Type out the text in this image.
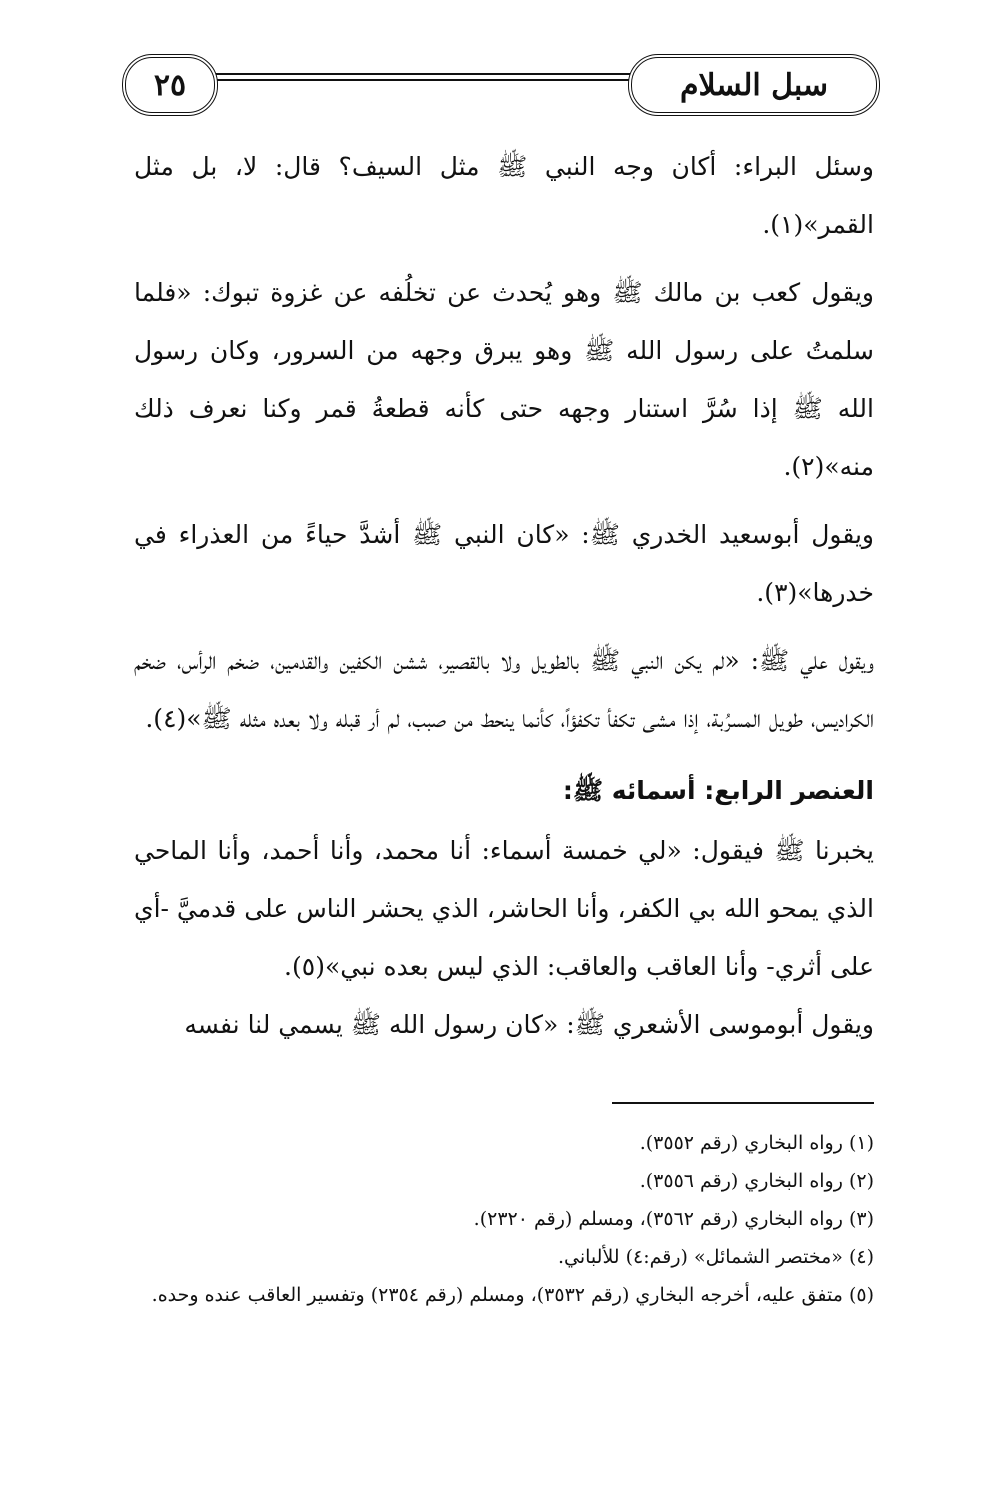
سبل السلام
٢٥

وسئل البراء: أكان وجه النبي ﷺ مثل السيف؟ قال: لا، بل مثل القمر»(١).

ويقول كعب بن مالك ﷺ وهو يُحدث عن تخلُفه عن غزوة تبوك: «فلما سلمتُ على رسول الله ﷺ وهو يبرق وجهه من السرور، وكان رسول الله ﷺ إذا سُرَّ استنار وجهه حتى كأنه قطعةُ قمر وكنا نعرف ذلك منه»(٢).

ويقول أبوسعيد الخدري ﷺ: «كان النبي ﷺ أشدَّ حياءً من العذراء في خدرها»(٣).

ويقول علي ﷺ: «لم يكن النبي ﷺ بالطويل ولا بالقصير، ششن الكفين والقدمين، ضخم الرأس، ضخم الكراديس، طويل المسرُبة، إذا مشى تكفأ تكفؤاً، كأنما ينحط من صبب، لم أر قبله ولا بعده مثله ﷺ»(٤).

العنصر الرابع: أسمائه ﷺ:

يخبرنا ﷺ فيقول: «لي خمسة أسماء: أنا محمد، وأنا أحمد، وأنا الماحي الذي يمحو الله بي الكفر، وأنا الحاشر، الذي يحشر الناس على قدميَّ -أي على أثري- وأنا العاقب والعاقب: الذي ليس بعده نبي»(٥).

ويقول أبوموسى الأشعري ﷺ: «كان رسول الله ﷺ يسمي لنا نفسه

(١) رواه البخاري (رقم ٣٥٥٢).

(٢) رواه البخاري (رقم ٣٥٥٦).

(٣) رواه البخاري (رقم ٣٥٦٢)، ومسلم (رقم ٢٣٢٠).

(٤) «مختصر الشمائل» (رقم:٤) للألباني.

(٥) متفق عليه، أخرجه البخاري (رقم ٣٥٣٢)، ومسلم (رقم ٢٣٥٤) وتفسير العاقب عنده وحده.
